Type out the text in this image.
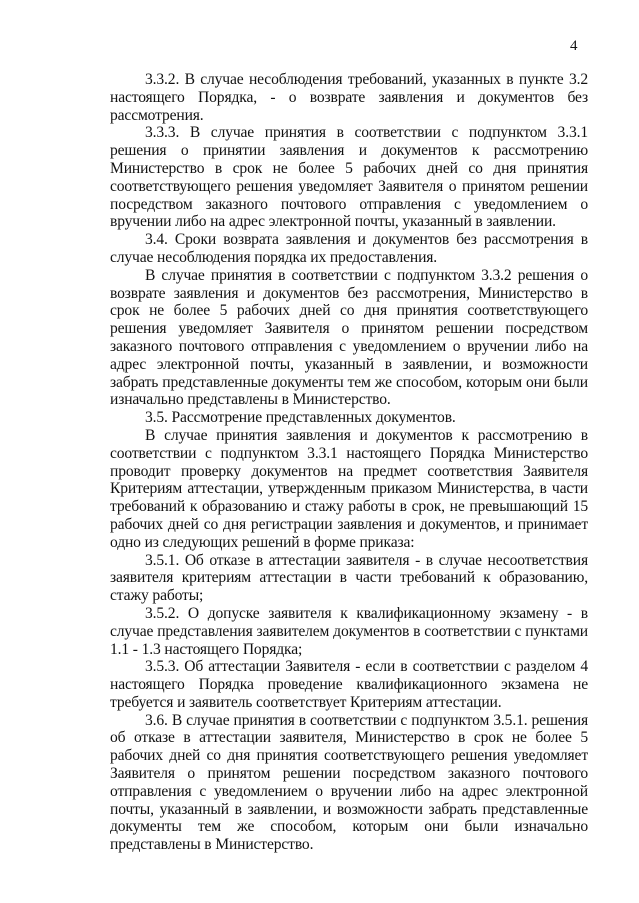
4

3.3.2. В случае несоблюдения требований, указанных в пункте 3.2 настоящего Порядка, - о возврате заявления и документов без рассмотрения.

3.3.3. В случае принятия в соответствии с подпунктом 3.3.1 решения о принятии заявления и документов к рассмотрению Министерство в срок не более 5 рабочих дней со дня принятия соответствующего решения уведомляет Заявителя о принятом решении посредством заказного почтового отправления с уведомлением о вручении либо на адрес электронной почты, указанный в заявлении.

3.4. Сроки возврата заявления и документов без рассмотрения в случае несоблюдения порядка их предоставления.

В случае принятия в соответствии с подпунктом 3.3.2 решения о возврате заявления и документов без рассмотрения, Министерство в срок не более 5 рабочих дней со дня принятия соответствующего решения уведомляет Заявителя о принятом решении посредством заказного почтового отправления с уведомлением о вручении либо на адрес электронной почты, указанный в заявлении, и возможности забрать представленные документы тем же способом, которым они были изначально представлены в Министерство.

3.5. Рассмотрение представленных документов.

В случае принятия заявления и документов к рассмотрению в соответствии с подпунктом 3.3.1 настоящего Порядка Министерство проводит проверку документов на предмет соответствия Заявителя Критериям аттестации, утвержденным приказом Министерства, в части требований к образованию и стажу работы в срок, не превышающий 15 рабочих дней со дня регистрации заявления и документов, и принимает одно из следующих решений в форме приказа:

3.5.1. Об отказе в аттестации заявителя - в случае несоответствия заявителя критериям аттестации в части требований к образованию, стажу работы;

3.5.2. О допуске заявителя к квалификационному экзамену - в случае представления заявителем документов в соответствии с пунктами 1.1 - 1.3 настоящего Порядка;

3.5.3. Об аттестации Заявителя - если в соответствии с разделом 4 настоящего Порядка проведение квалификационного экзамена не требуется и заявитель соответствует Критериям аттестации.

3.6. В случае принятия в соответствии с подпунктом 3.5.1. решения об отказе в аттестации заявителя, Министерство в срок не более 5 рабочих дней со дня принятия соответствующего решения уведомляет Заявителя о принятом решении посредством заказного почтового отправления с уведомлением о вручении либо на адрес электронной почты, указанный в заявлении, и возможности забрать представленные документы тем же способом, которым они были изначально представлены в Министерство.
